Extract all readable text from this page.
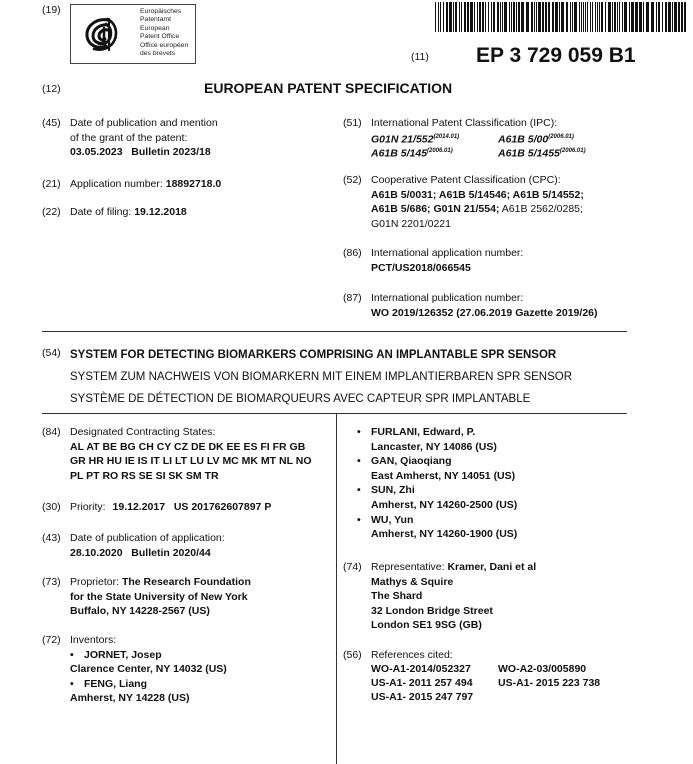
(19)	Europäisches
Patentamt
European
Patent Office
Office européen
des brevets	(11) EP 3 729 059 B1
(12)	EUROPEAN PATENT SPECIFICATION
(45) Date of publication and mention
of the grant of the patent:
03.05.2023   Bulletin 2023/18
(21) Application number: 18892718.0
(22) Date of filing: 19.12.2018
(51) International Patent Classification (IPC):
G01N $21/552^{(2014.01)}$	A61B $5/00^{(2006.01)}$
A61B $5/145^{(2006.01)}$	A61B $5/1455^{(2006.01)}$
(52) Cooperative Patent Classification (CPC):
A61B 5/0031; A61B 5/14546; A61B 5/14552;
A61B 5/686; G01N 21/554; A61B 2562/0285;
G01N 2201/0221
(86) International application number:
PCT/US2018/066545
(87) International publication number:
WO 2019/126352 (27.06.2019 Gazette 2019/26)
(54) SYSTEM FOR DETECTING BIOMARKERS COMPRISING AN IMPLANTABLE SPR SENSOR
SYSTEM ZUM NACHWEIS VON BIOMARKERN MIT EINEM IMPLANTIERBAREN SPR SENSOR
SYSTÈME DE DÉTECTION DE BIOMARQUEURS AVEC CAPTEUR SPR IMPLANTABLE
(84) Designated Contracting States:
AL AT BE BG CH CY CZ DE DK EE ES FI FR GB
GR HR HU IE IS IT LI LT LU LV MC MK MT NL NO
PL PT RO RS SE SI SK SM TR
(30) Priority: 19.12.2017   US 201762607897 P
(43) Date of publication of application:
28.10.2020   Bulletin 2020/44
(73) Proprietor: The Research Foundation
for the State University of New York
Buffalo, NY 14228-2567 (US)
(72) Inventors:
• JORNET, Josep
Clarence Center, NY 14032 (US)
• FENG, Liang
Amherst, NY 14228 (US)
• FURLANI, Edward, P.
Lancaster, NY 14086 (US)
• GAN, Qiaoqiang
East Amherst, NY 14051 (US)
• SUN, Zhi
Amherst, NY 14260-2500 (US)
• WU, Yun
Amherst, NY 14260-1900 (US)
(74) Representative: Kramer, Dani et al
Mathys & Squire
The Shard
32 London Bridge Street
London SE1 9SG (GB)
(56) References cited:
WO-A1-2014/052327	WO-A2-03/005890
US-A1- 2011 257 494 US-A1- 2015 223 738
US-A1- 2015 247 797
